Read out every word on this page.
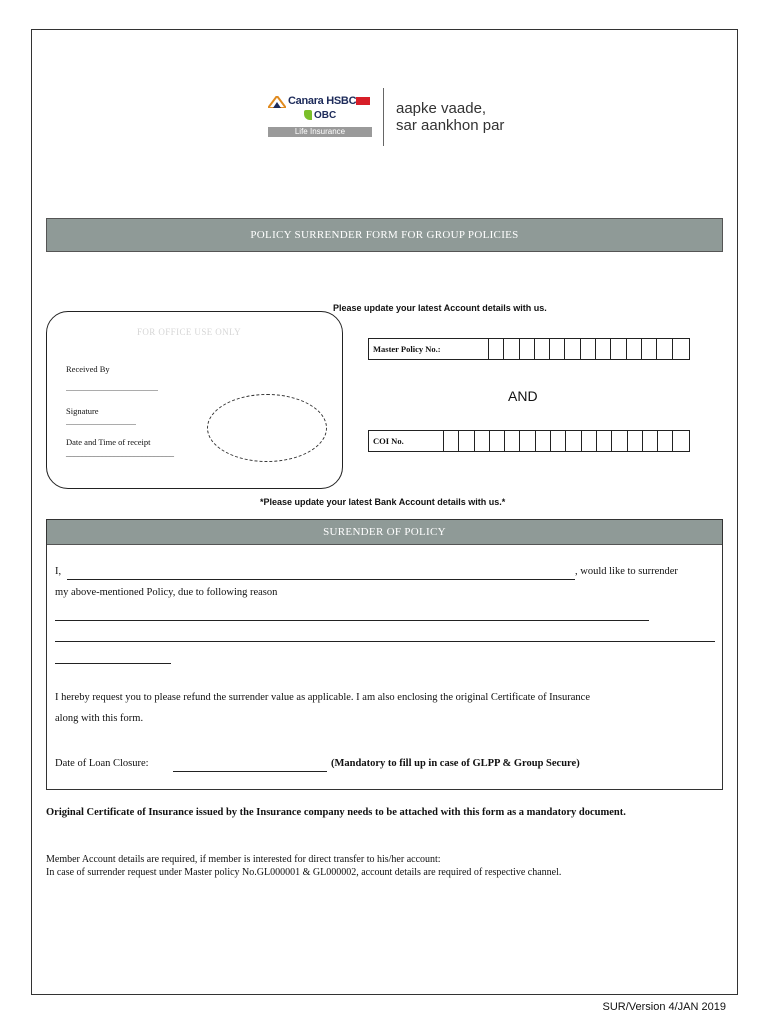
Canara HSBC
OBC
Life Insurance
aapke vaade,
sar aankhon par
POLICY SURRENDER FORM FOR GROUP POLICIES
Please update your latest Account details with us.
FOR OFFICE USE ONLY
Received By
..............................................
Signature
...................................
Date and Time of receipt
___________________________
Master Policy No.:
AND
COI No.
*Please update your latest Bank Account details with us.*
SURENDER OF POLICY
I,	, would like to surrender
my above-mentioned Policy, due to following reason
I hereby request you to please refund the surrender value as applicable. I am also enclosing the original Certificate of Insurance
along with this form.
Date of Loan Closure:	(Mandatory to fill up in case of GLPP & Group Secure)
Original Certificate of Insurance issued by the Insurance company needs to be attached with this form as a mandatory document.
Member Account details are required, if member is interested for direct transfer to his/her account:
In case of surrender request under Master policy No.GL000001 & GL000002, account details are required of respective channel.
SUR/Version 4/JAN 2019
